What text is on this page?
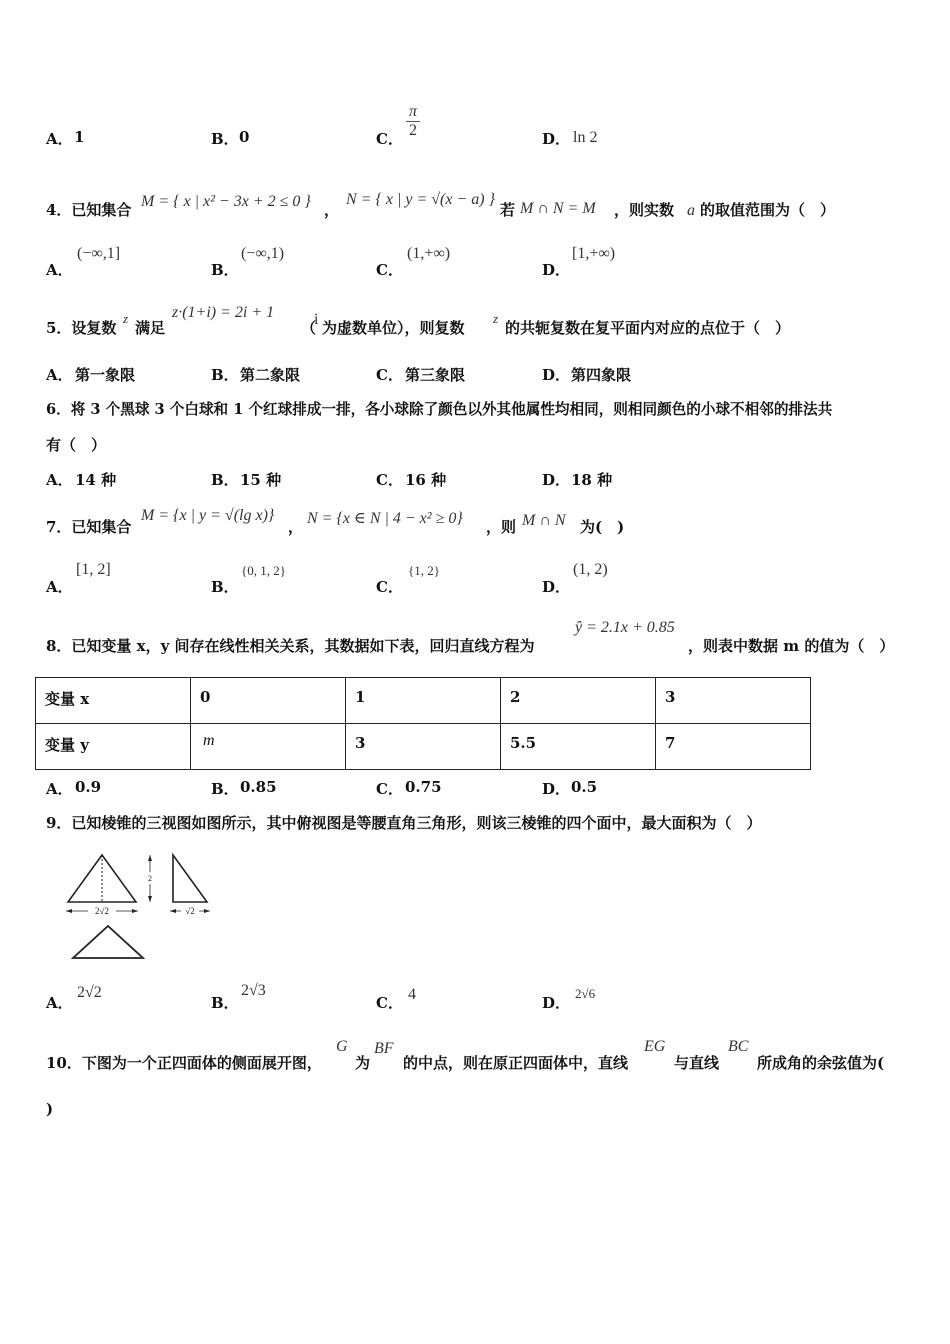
A． 1	B． 0	C． $\frac{\pi}{2}$	D． ln 2
4．已知集合 M = { x | x² − 3x + 2 ≤ 0 } ，
N = { x | y = √(x − a) }
若 M ∩ N = M ，则实数 a 的取值范围为（　）
A．
(−∞,1]
B．
(−∞,1)
C．
(1,+∞)
D．
[1,+∞)
5．设复数
z
满足
z·(1+i) = 2i + 1
（
i 为虚数单位），则复数
z
的共轭复数在复平面内对应的点位于（　）
A． 第一象限	B． 第二象限	C． 第三象限	D． 第四象限
6．将 3 个黑球 3 个白球和 1 个红球排成一排，各小球除了颜色以外其他属性均相同，则相同颜色的小球不相邻的排法共
有（　）
A． 14 种	B． 15 种	C． 16 种	D． 18 种
7．已知集合
M = {x | y = √(lg x)}
， N = {x ∈ N | 4 − x² ≥ 0} ，则 M ∩ N 为(　)
A．
[1, 2]
B．
{0, 1, 2}
C．
{1, 2}
D．
(1, 2)
8．已知变量 x，y 间存在线性相关关系，其数据如下表，回归直线方程为
ŷ = 2.1x + 0.85
，则表中数据 m 的值为（　）
变量 x	0	1	2	3
变量 y	m	3	5.5	7
A． 0.9	B． 0.85	C． 0.75	D． 0.5
9．已知棱锥的三视图如图所示，其中俯视图是等腰直角三角形，则该三棱锥的四个面中，最大面积为（　）
2√2
2
√2
A．
2√2
B．
2√3
C． 4	D．
2√6
10．下图为一个正四面体的侧面展开图，
G
为
BF
的中点，则在原正四面体中，直线
EG
与直线
BC
所成角的余弦值为(
)
